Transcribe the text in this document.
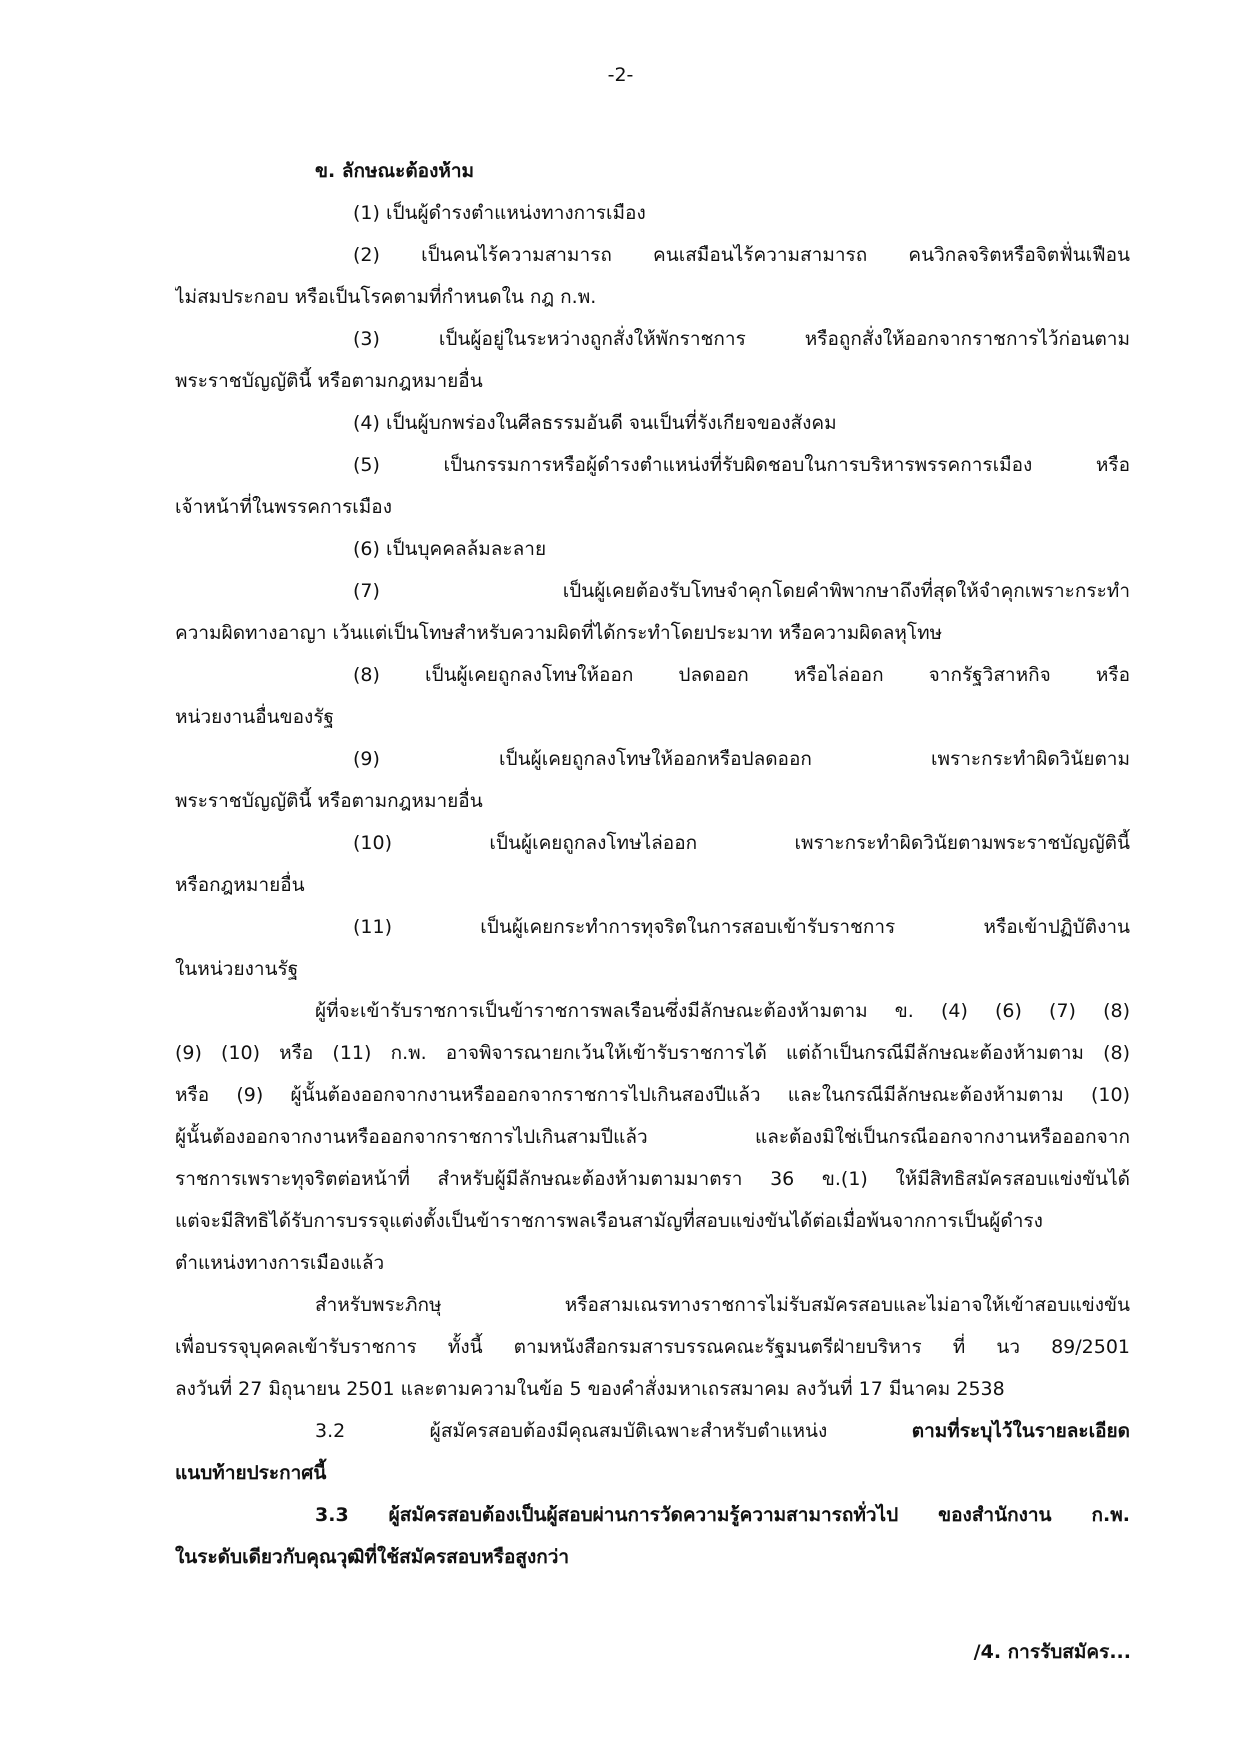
-2-
ข. ลักษณะต้องห้าม
(1) เป็นผู้ดำรงตำแหน่งทางการเมือง
(2) เป็นคนไร้ความสามารถ คนเสมือนไร้ความสามารถ คนวิกลจริตหรือจิตฟั่นเฟือน
ไม่สมประกอบ หรือเป็นโรคตามที่กำหนดใน กฎ ก.พ.
(3) เป็นผู้อยู่ในระหว่างถูกสั่งให้พักราชการ หรือถูกสั่งให้ออกจากราชการไว้ก่อนตาม
พระราชบัญญัตินี้ หรือตามกฎหมายอื่น
(4) เป็นผู้บกพร่องในศีลธรรมอันดี จนเป็นที่รังเกียจของสังคม
(5) เป็นกรรมการหรือผู้ดำรงตำแหน่งที่รับผิดชอบในการบริหารพรรคการเมือง หรือ
เจ้าหน้าที่ในพรรคการเมือง
(6) เป็นบุคคลล้มละลาย
(7) เป็นผู้เคยต้องรับโทษจำคุกโดยคำพิพากษาถึงที่สุดให้จำคุกเพราะกระทำ
ความผิดทางอาญา เว้นแต่เป็นโทษสำหรับความผิดที่ได้กระทำโดยประมาท หรือความผิดลหุโทษ
(8) เป็นผู้เคยถูกลงโทษให้ออก ปลดออก หรือไล่ออก จากรัฐวิสาหกิจ หรือ
หน่วยงานอื่นของรัฐ
(9) เป็นผู้เคยถูกลงโทษให้ออกหรือปลดออก เพราะกระทำผิดวินัยตาม
พระราชบัญญัตินี้ หรือตามกฎหมายอื่น
(10) เป็นผู้เคยถูกลงโทษไล่ออก เพราะกระทำผิดวินัยตามพระราชบัญญัตินี้
หรือกฎหมายอื่น
(11) เป็นผู้เคยกระทำการทุจริตในการสอบเข้ารับราชการ หรือเข้าปฏิบัติงาน
ในหน่วยงานรัฐ
ผู้ที่จะเข้ารับราชการเป็นข้าราชการพลเรือนซึ่งมีลักษณะต้องห้ามตาม ข. (4) (6) (7) (8)
(9) (10) หรือ (11) ก.พ. อาจพิจารณายกเว้นให้เข้ารับราชการได้ แต่ถ้าเป็นกรณีมีลักษณะต้องห้ามตาม (8)
หรือ (9) ผู้นั้นต้องออกจากงานหรือออกจากราชการไปเกินสองปีแล้ว และในกรณีมีลักษณะต้องห้ามตาม (10)
ผู้นั้นต้องออกจากงานหรือออกจากราชการไปเกินสามปีแล้ว และต้องมิใช่เป็นกรณีออกจากงานหรือออกจาก
ราชการเพราะทุจริตต่อหน้าที่ สำหรับผู้มีลักษณะต้องห้ามตามมาตรา 36 ข.(1) ให้มีสิทธิสมัครสอบแข่งขันได้
แต่จะมีสิทธิได้รับการบรรจุแต่งตั้งเป็นข้าราชการพลเรือนสามัญที่สอบแข่งขันได้ต่อเมื่อพ้นจากการเป็นผู้ดำรง
ตำแหน่งทางการเมืองแล้ว
สำหรับพระภิกษุ หรือสามเณรทางราชการไม่รับสมัครสอบและไม่อาจให้เข้าสอบแข่งขัน
เพื่อบรรจุบุคคลเข้ารับราชการ ทั้งนี้ ตามหนังสือกรมสารบรรณคณะรัฐมนตรีฝ่ายบริหาร ที่ นว 89/2501
ลงวันที่ 27 มิถุนายน 2501 และตามความในข้อ 5 ของคำสั่งมหาเถรสมาคม ลงวันที่ 17 มีนาคม 2538
3.2 ผู้สมัครสอบต้องมีคุณสมบัติเฉพาะสำหรับตำแหน่ง ตามที่ระบุไว้ในรายละเอียด
แนบท้ายประกาศนี้
3.3 ผู้สมัครสอบต้องเป็นผู้สอบผ่านการวัดความรู้ความสามารถทั่วไป ของสำนักงาน ก.พ.
ในระดับเดียวกับคุณวุฒิที่ใช้สมัครสอบหรือสูงกว่า
/4. การรับสมัคร...
